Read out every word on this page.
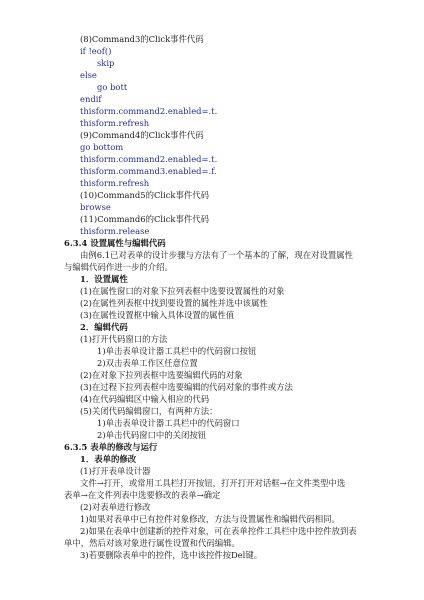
(8)Command3的Click事件代码
if !eof()
skip
else
go bott
endif
thisform.command2.enabled=.t.
thisform.refresh
(9)Command4的Click事件代码
go bottom
thisform.command2.enabled=.t.
thisform.command3.enabled=.f.
thisform.refresh
(10)Command5的Click事件代码
browse
(11)Command6的Click事件代码
thisform.release
6.3.4 设置属性与编辑代码
由例6.1已对表单的设计步骤与方法有了一个基本的了解，现在对设置属性
与编辑代码作进一步的介绍。
1．设置属性
(1)在属性窗口的对象下拉列表框中选要设置属性的对象
(2)在属性列表框中找到要设置的属性并选中该属性
(3)在属性设置框中输入具体设置的属性值
2．编辑代码
(1)打开代码窗口的方法
1)单击表单设计器工具栏中的代码窗口按钮
2)双击表单工作区任意位置
(2)在对象下拉列表框中选要编辑代码的对象
(3)在过程下拉列表框中选要编辑的代码对象的事件或方法
(4)在代码编辑区中输入相应的代码
(5)关闭代码编辑窗口，有两种方法：
1)单击表单设计器工具栏中的代码窗口
2)单击代码窗口中的关闭按钮
6.3.5 表单的修改与运行
1．表单的修改
(1)打开表单设计器
文件→打开，或常用工具栏打开按钮，打开打开对话框→在文件类型中选
表单→在文件列表中选要修改的表单→确定
(2)对表单进行修改
1)如果对表单中已有控件对象修改，方法与设置属性和编辑代码相同。
2)如果在表单中创建新的控件对象，可在表单控件工具栏中选中控件放到表
单中，然后对该对象进行属性设置和代码编辑。
3)若要删除表单中的控件，选中该控件按Del键。
